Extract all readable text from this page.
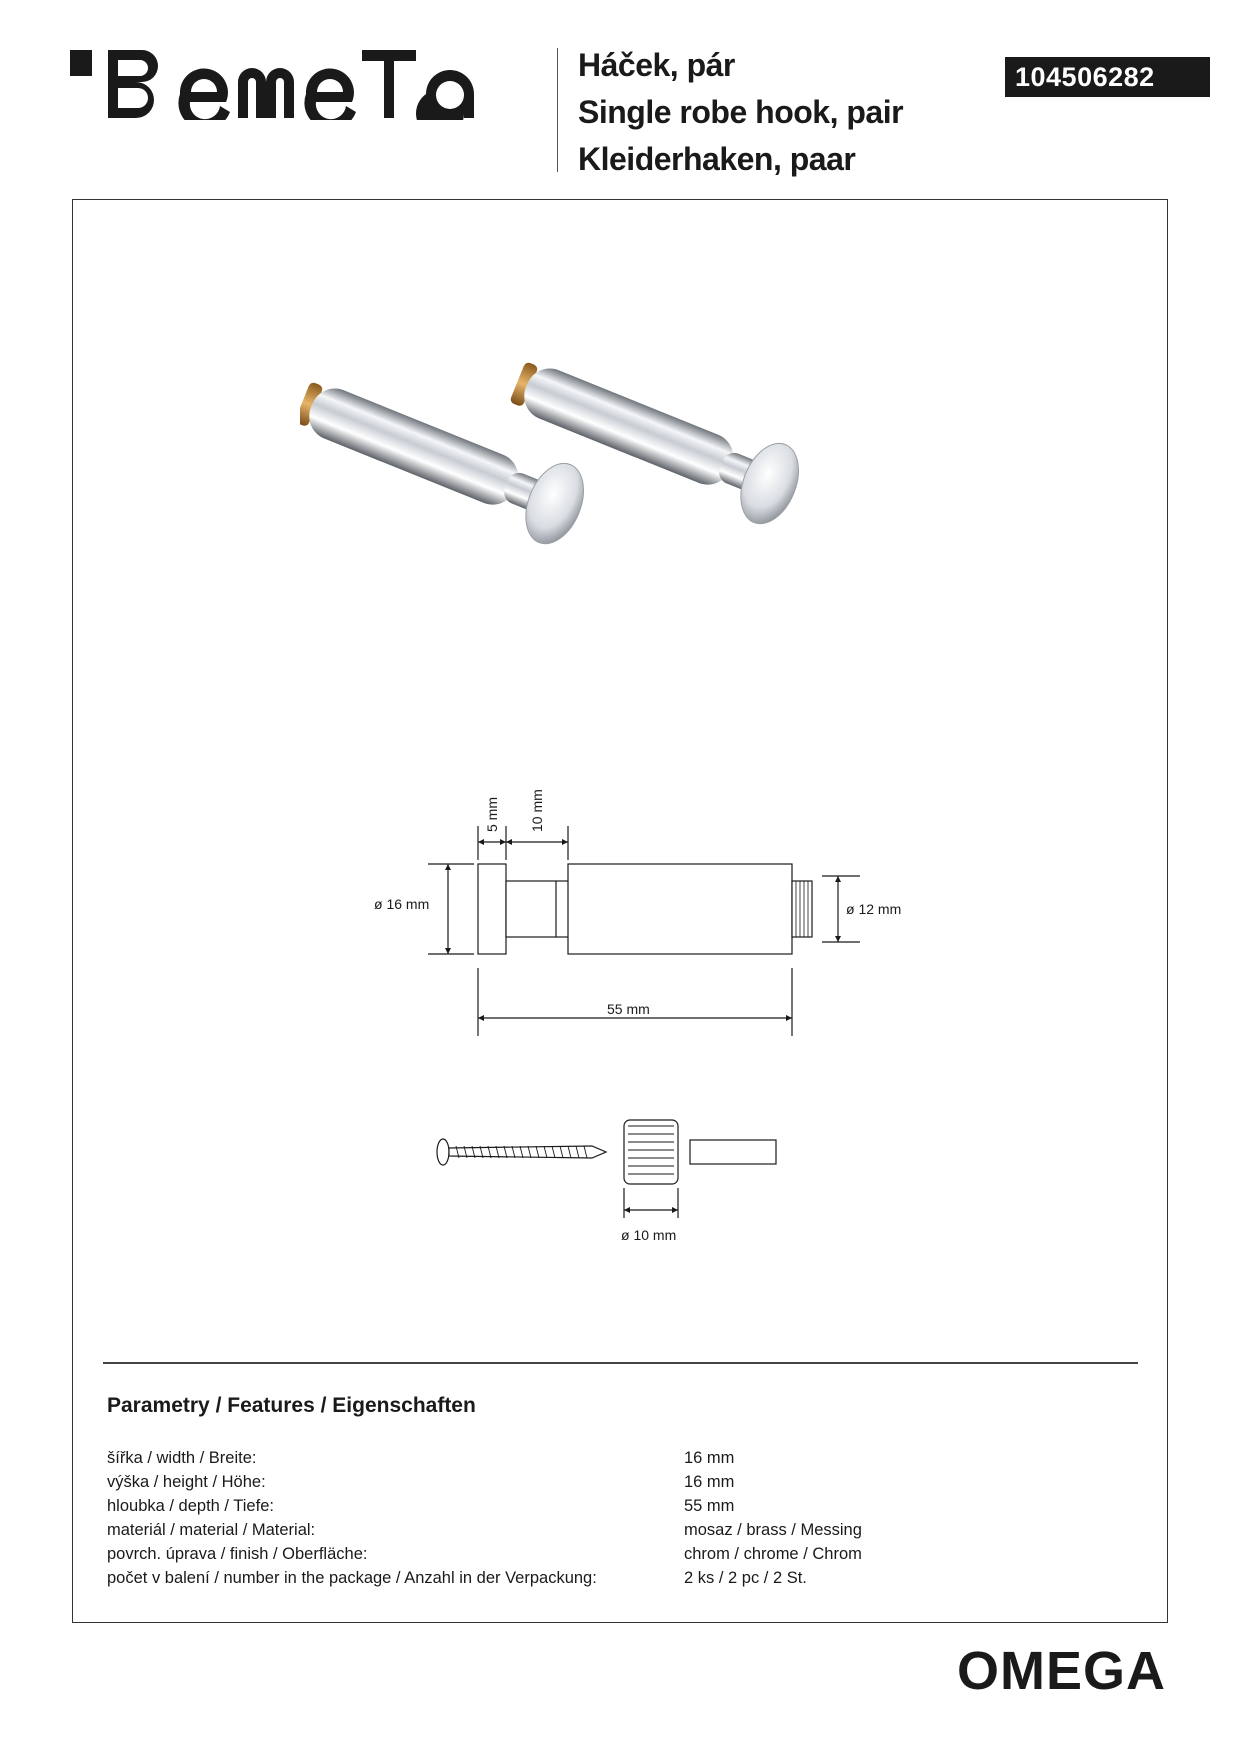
Háček, pár
Single robe hook, pair
Kleiderhaken, paar
104506282
5 mm 10 mm
ø 16 mm	ø 12 mm
55 mm
ø 10 mm
Parametry / Features / Eigenschaften
šířka / width / Breite:	16 mm
výška / height / Höhe:	16 mm
hloubka / depth / Tiefe:	55 mm
materiál / material / Material:	mosaz / brass / Messing
povrch. úprava / finish / Oberfläche:	chrom / chrome / Chrom
počet v balení / number in the package / Anzahl in der Verpackung:	2 ks / 2 pc / 2 St.
OMEGA
